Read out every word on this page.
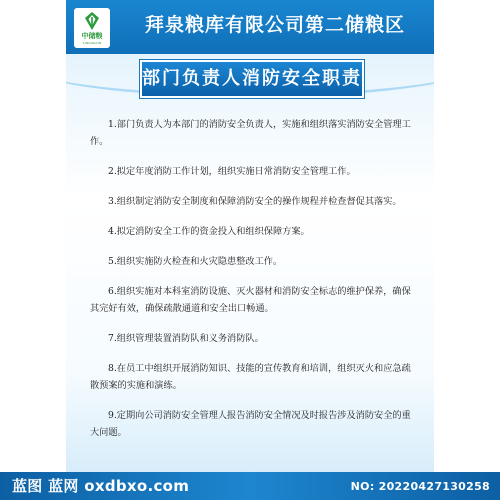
中储粮
SINOGRAIN
拜泉粮库有限公司第二储粮区
部门负责人消防安全职责

1.部门负责人为本部门的消防安全负责人，实施和组织落实消防安全管理工作。

2.拟定年度消防工作计划，组织实施日常消防安全管理工作。

3.组织制定消防安全制度和保障消防安全的操作规程并检查督促其落实。

4.拟定消防安全工作的资金投入和组织保障方案。

5.组织实施防火检查和火灾隐患整改工作。

6.组织实施对本科室消防设施、灭火器材和消防安全标志的维护保养，确保其完好有效，确保疏散通道和安全出口畅通。

7.组织管理装置消防队和义务消防队。

8.在员工中组织开展消防知识、技能的宣传教育和培训，组织灭火和应急疏散预案的实施和演练。

9.定期向公司消防安全管理人报告消防安全情况及时报告涉及消防安全的重大问题。

蓝图 蓝网 oxdbxo.com	NO: 20220427130258
